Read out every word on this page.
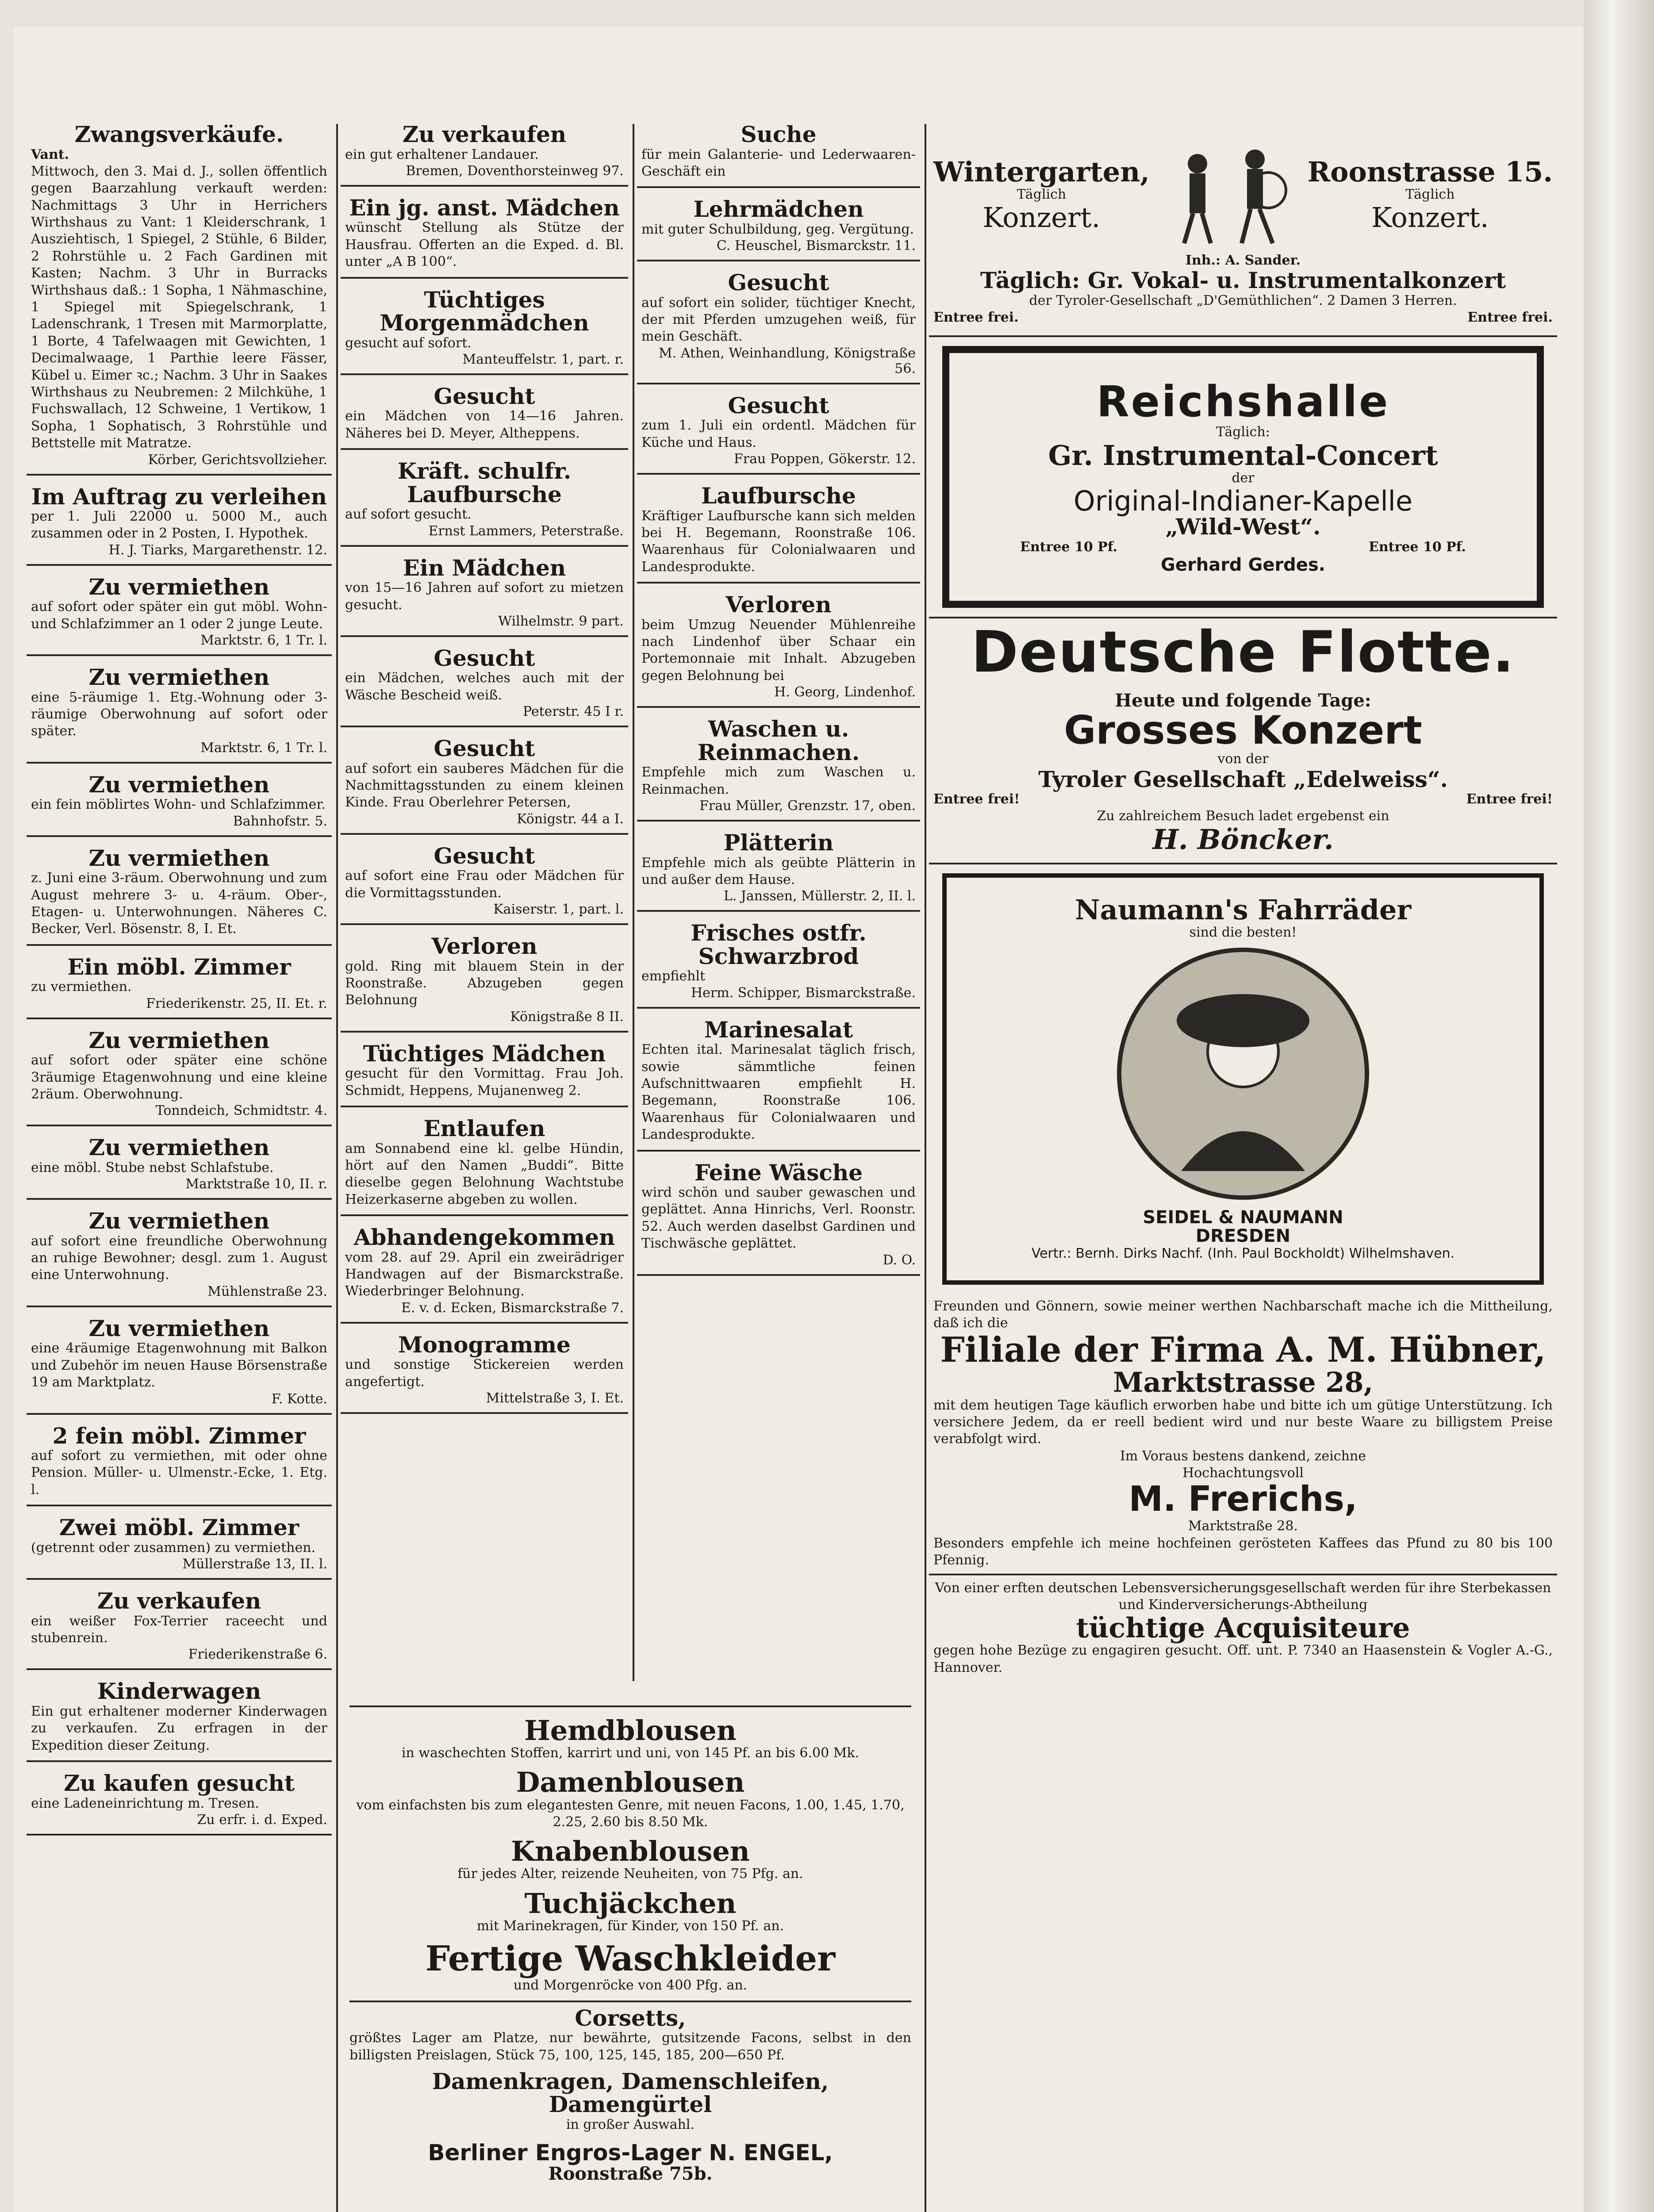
Zwangsverkäufe.
Vant.
Mittwoch, den 3. Mai d. J., sollen öffentlich gegen Baarzahlung verkauft werden: Nachmittags 3 Uhr in Herrichers Wirthshaus zu Vant: 1 Kleiderschrank, 1 Ausziehtisch, 1 Spiegel, 2 Stühle, 6 Bilder, 2 Rohrstühle u. 2 Fach Gardinen mit Kasten; Nachm. 3 Uhr in Burracks Wirthshaus daß.: 1 Sopha, 1 Nähmaschine, 1 Spiegel mit Spiegelschrank, 1 Ladenschrank, 1 Tresen mit Marmorplatte, 1 Borte, 4 Tafelwaagen mit Gewichten, 1 Decimalwaage, 1 Parthie leere Fässer, Kübel u. Eimer ꝛc.; Nachm. 3 Uhr in Saakes Wirthshaus zu Neubremen: 2 Milchkühe, 1 Fuchswallach, 12 Schweine, 1 Vertikow, 1 Sopha, 1 Sophatisch, 3 Rohrstühle und Bettstelle mit Matratze.
Körber, Gerichtsvollzieher.
Im Auftrag zu verleihen
per 1. Juli 22000 u. 5000 M., auch zusammen oder in 2 Posten, I. Hypothek.
H. J. Tiarks, Margarethenstr. 12.
Zu vermiethen
auf sofort oder später ein gut möbl. Wohn- und Schlafzimmer an 1 oder 2 junge Leute.
Marktstr. 6, 1 Tr. l.
Zu vermiethen
eine 5-räumige 1. Etg.-Wohnung oder 3-räumige Oberwohnung auf sofort oder später.
Marktstr. 6, 1 Tr. l.
Zu vermiethen
ein fein möblirtes Wohn- und Schlafzimmer.
Bahnhofstr. 5.
Zu vermiethen
z. Juni eine 3-räum. Oberwohnung und zum August mehrere 3- u. 4-räum. Ober-, Etagen- u. Unterwohnungen. Näheres C. Becker, Verl. Bösenstr. 8, I. Et.
Ein möbl. Zimmer
zu vermiethen.
Friederikenstr. 25, II. Et. r.
Zu vermiethen
auf sofort oder später eine schöne 3räumige Etagenwohnung und eine kleine 2räum. Oberwohnung.
Tonndeich, Schmidtstr. 4.
Zu vermiethen
eine möbl. Stube nebst Schlafstube.
Marktstraße 10, II. r.
Zu vermiethen
auf sofort eine freundliche Oberwohnung an ruhige Bewohner; desgl. zum 1. August eine Unterwohnung.
Mühlenstraße 23.
Zu vermiethen
eine 4räumige Etagenwohnung mit Balkon und Zubehör im neuen Hause Börsenstraße 19 am Marktplatz.
F. Kotte.
2 fein möbl. Zimmer
auf sofort zu vermiethen, mit oder ohne Pension. Müller- u. Ulmenstr.-Ecke, 1. Etg. l.
Zwei möbl. Zimmer
(getrennt oder zusammen) zu vermiethen.
Müllerstraße 13, II. l.
Zu verkaufen
ein weißer Fox-Terrier raceecht und stubenrein.
Friederikenstraße 6.
Kinderwagen
Ein gut erhaltener moderner Kinderwagen zu verkaufen. Zu erfragen in der Expedition dieser Zeitung.
Zu kaufen gesucht
eine Ladeneinrichtung m. Tresen.
Zu erfr. i. d. Exped.
Zu verkaufen
ein gut erhaltener Landauer.
Bremen, Doventhorsteinweg 97.
Ein jg. anst. Mädchen
wünscht Stellung als Stütze der Hausfrau. Offerten an die Exped. d. Bl. unter „A B 100“.
Tüchtiges Morgenmädchen
gesucht auf sofort.
Manteuffelstr. 1, part. r.
Gesucht
ein Mädchen von 14—16 Jahren. Näheres bei D. Meyer, Altheppens.
Kräft. schulfr. Laufbursche
auf sofort gesucht.
Ernst Lammers, Peterstraße.
Ein Mädchen
von 15—16 Jahren auf sofort zu mietzen gesucht.
Wilhelmstr. 9 part.
Gesucht
ein Mädchen, welches auch mit der Wäsche Bescheid weiß.
Peterstr. 45 I r.
Gesucht
auf sofort ein sauberes Mädchen für die Nachmittagsstunden zu einem kleinen Kinde. Frau Oberlehrer Petersen,
Königstr. 44 a I.
Gesucht
auf sofort eine Frau oder Mädchen für die Vormittagsstunden.
Kaiserstr. 1, part. l.
Verloren
gold. Ring mit blauem Stein in der Roonstraße. Abzugeben gegen Belohnung
Königstraße 8 II.
Tüchtiges Mädchen
gesucht für den Vormittag. Frau Joh. Schmidt, Heppens, Mujanenweg 2.
Entlaufen
am Sonnabend eine kl. gelbe Hündin, hört auf den Namen „Buddi“. Bitte dieselbe gegen Belohnung Wachtstube Heizerkaserne abgeben zu wollen.
Abhandengekommen
vom 28. auf 29. April ein zweirädriger Handwagen auf der Bismarckstraße. Wiederbringer Belohnung.
E. v. d. Ecken, Bismarckstraße 7.
Monogramme
und sonstige Stickereien werden angefertigt.
Mittelstraße 3, I. Et.
Suche
für mein Galanterie- und Lederwaaren-Geschäft ein
Lehrmädchen
mit guter Schulbildung, geg. Vergütung.
C. Heuschel, Bismarckstr. 11.
Gesucht
auf sofort ein solider, tüchtiger Knecht, der mit Pferden umzugehen weiß, für mein Geschäft.
M. Athen, Weinhandlung, Königstraße 56.
Gesucht
zum 1. Juli ein ordentl. Mädchen für Küche und Haus.
Frau Poppen, Gökerstr. 12.
Laufbursche
Kräftiger Laufbursche kann sich melden bei H. Begemann, Roonstraße 106. Waarenhaus für Colonialwaaren und Landesprodukte.
Verloren
beim Umzug Neuender Mühlenreihe nach Lindenhof über Schaar ein Portemonnaie mit Inhalt. Abzugeben gegen Belohnung bei
H. Georg, Lindenhof.
Waschen u. Reinmachen.
Empfehle mich zum Waschen u. Reinmachen.
Frau Müller, Grenzstr. 17, oben.
Plätterin
Empfehle mich als geübte Plätterin in und außer dem Hause.
L. Janssen, Müllerstr. 2, II. l.
Frisches ostfr. Schwarzbrod
empfiehlt
Herm. Schipper, Bismarckstraße.
Marinesalat
Echten ital. Marinesalat täglich frisch, sowie sämmtliche feinen Aufschnittwaaren empfiehlt H. Begemann, Roonstraße 106. Waarenhaus für Colonialwaaren und Landesprodukte.
Feine Wäsche
wird schön und sauber gewaschen und geplättet. Anna Hinrichs, Verl. Roonstr. 52. Auch werden daselbst Gardinen und Tischwäsche geplättet.
D. O.
Hemdblousen
in waschechten Stoffen, karrirt und uni, von 145 Pf. an bis 6.00 Mk.
Damenblousen
vom einfachsten bis zum elegantesten Genre, mit neuen Facons, 1.00, 1.45, 1.70, 2.25, 2.60 bis 8.50 Mk.
Knabenblousen
für jedes Alter, reizende Neuheiten, von 75 Pfg. an.
Tuchjäckchen
mit Marinekragen, für Kinder, von 150 Pf. an.
Fertige Waschkleider
und Morgenröcke von 400 Pfg. an.
Corsetts,
größtes Lager am Platze, nur bewährte, gutsitzende Facons, selbst in den billigsten Preislagen, Stück 75, 100, 125, 145, 185, 200—650 Pf.
Damenkragen, Damenschleifen, Damengürtel
in großer Auswahl.
Berliner Engros-Lager N. ENGEL,
Roonstraße 75b.
Wintergarten,
Täglich
Konzert.
Roonstrasse 15.
Täglich
Konzert.
Inh.: A. Sander.
Täglich: Gr. Vokal- u. Instrumentalkonzert
der Tyroler-Gesellschaft „D'Gemüthlichen“. 2 Damen 3 Herren.
Entree frei.	Entree frei.
Reichshalle
Täglich:
Gr. Instrumental-Concert
der
Original-Indianer-Kapelle
„Wild-West“.
Entree 10 Pf.	Entree 10 Pf.
Gerhard Gerdes.
Deutsche Flotte.
Heute und folgende Tage:
Grosses Konzert
von der
Tyroler Gesellschaft „Edelweiss“.
Entree frei!	Entree frei!
Zu zahlreichem Besuch ladet ergebenst ein
H. Böncker.
Naumann's Fahrräder
sind die besten!
SEIDEL & NAUMANN
DRESDEN
Vertr.: Bernh. Dirks Nachf. (Inh. Paul Bockholdt) Wilhelmshaven.
Freunden und Gönnern, sowie meiner werthen Nachbarschaft mache ich die Mittheilung, daß ich die
Filiale der Firma A. M. Hübner,
Marktstrasse 28,
mit dem heutigen Tage käuflich erworben habe und bitte ich um gütige Unterstützung. Ich versichere Jedem, da er reell bedient wird und nur beste Waare zu billigstem Preise verabfolgt wird.
Im Voraus bestens dankend, zeichne
Hochachtungsvoll
M. Frerichs,
Marktstraße 28.
Besonders empfehle ich meine hochfeinen gerösteten Kaffees das Pfund zu 80 bis 100 Pfennig.
Von einer erften deutschen Lebensversicherungsgesellschaft werden für ihre Sterbekassen und Kinderversicherungs-Abtheilung
tüchtige Acquisiteure
gegen hohe Bezüge zu engagiren gesucht. Off. unt. P. 7340 an Haasenstein & Vogler A.-G., Hannover.
